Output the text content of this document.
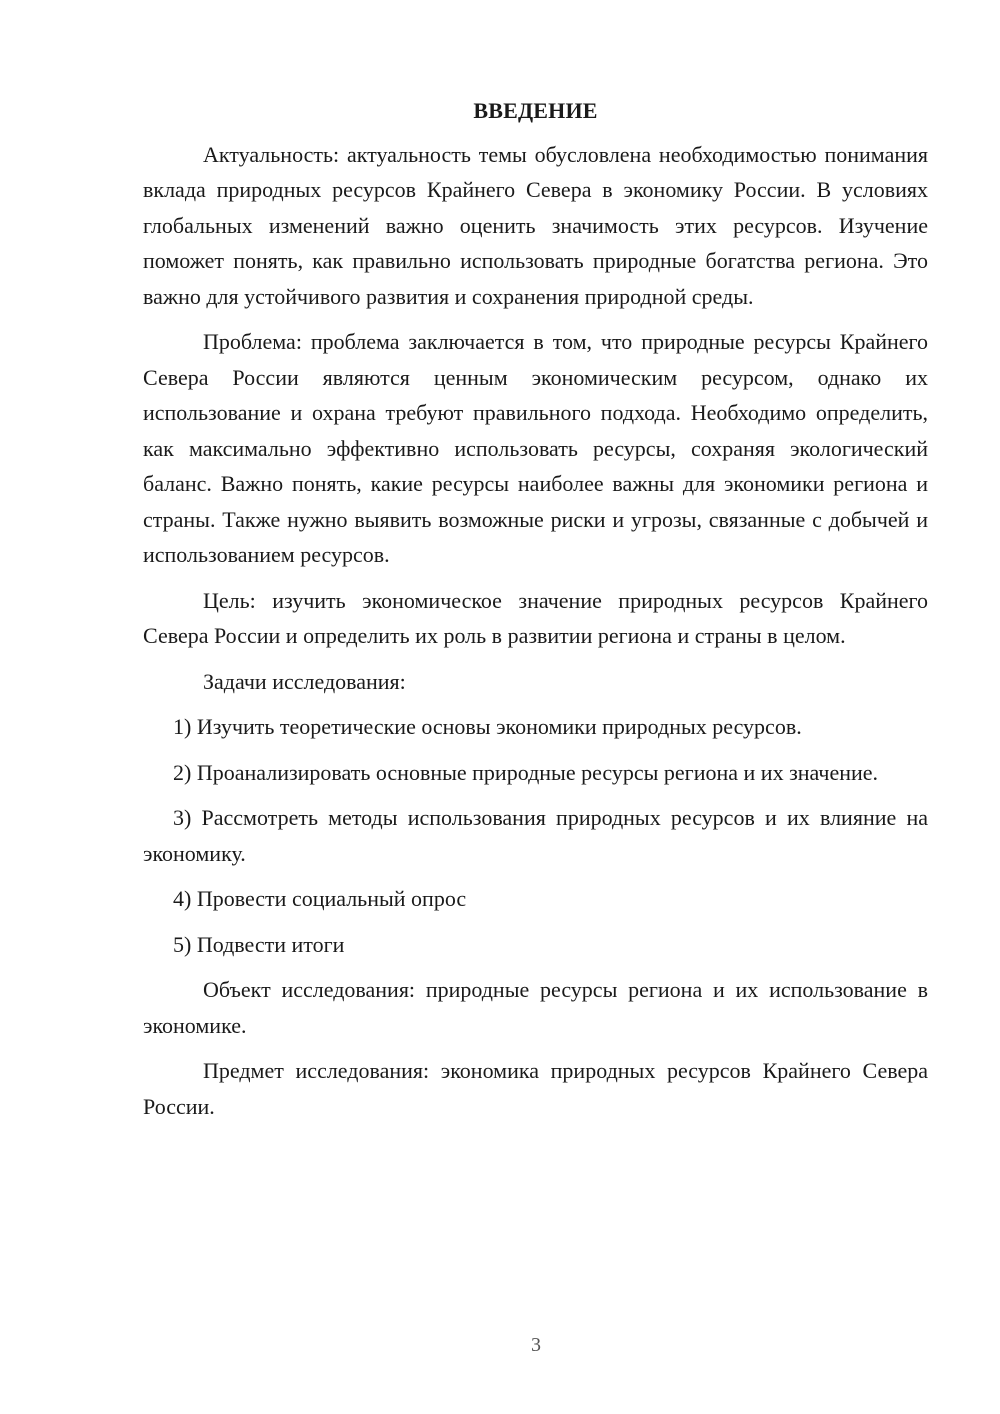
ВВЕДЕНИЕ

Актуальность: актуальность темы обусловлена необходимостью понимания вклада природных ресурсов Крайнего Севера в экономику России. В условиях глобальных изменений важно оценить значимость этих ресурсов. Изучение поможет понять, как правильно использовать природные богатства региона. Это важно для устойчивого развития и сохранения природной среды.

Проблема: проблема заключается в том, что природные ресурсы Крайнего Севера России являются ценным экономическим ресурсом, однако их использование и охрана требуют правильного подхода. Необходимо определить, как максимально эффективно использовать ресурсы, сохраняя экологический баланс. Важно понять, какие ресурсы наиболее важны для экономики региона и страны. Также нужно выявить возможные риски и угрозы, связанные с добычей и использованием ресурсов.

Цель: изучить экономическое значение природных ресурсов Крайнего Севера России и определить их роль в развитии региона и страны в целом.

Задачи исследования:

1) Изучить теоретические основы экономики природных ресурсов.

2) Проанализировать основные природные ресурсы региона и их значение.

3) Рассмотреть методы использования природных ресурсов и их влияние на экономику.

4) Провести социальный опрос

5) Подвести итоги

Объект исследования: природные ресурсы региона и их использование в экономике.

Предмет исследования: экономика природных ресурсов Крайнего Севера России.

3
